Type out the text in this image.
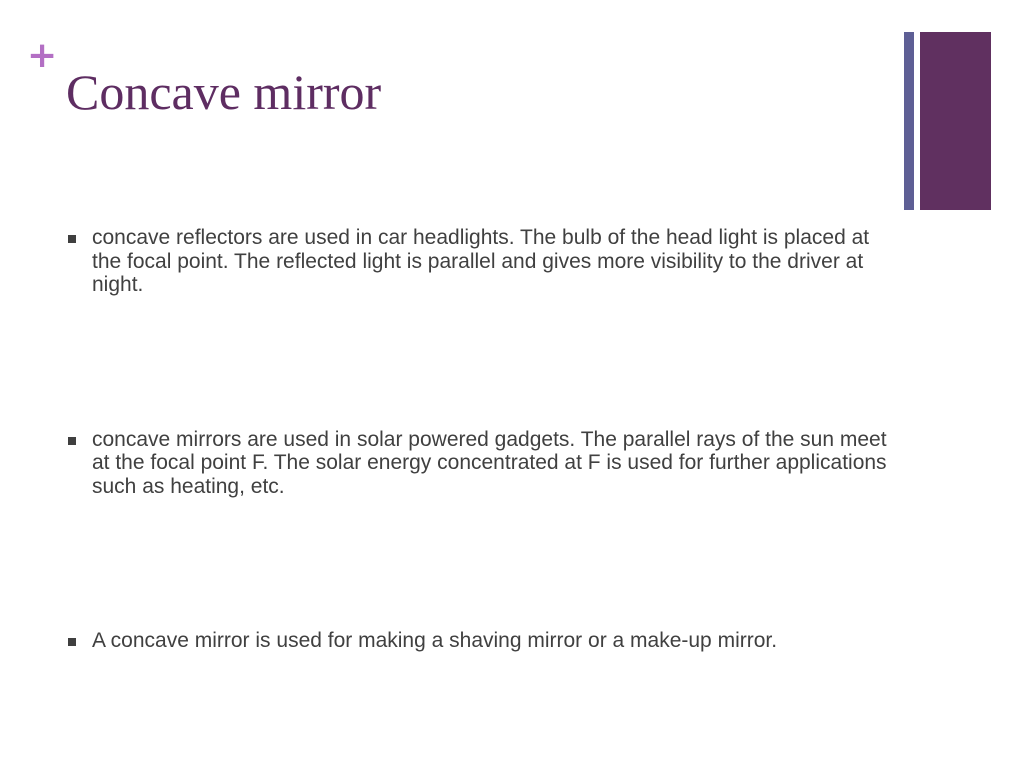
+
Concave mirror
concave reflectors are used in car headlights. The bulb of the head light is placed at the focal point. The reflected light is parallel and gives more visibility to the driver at night.
concave mirrors are used in solar powered gadgets. The parallel rays of the sun meet at the focal point F. The solar energy concentrated at F is used for further applications such as heating, etc.
A concave mirror is used for making a shaving mirror or a make-up mirror.
